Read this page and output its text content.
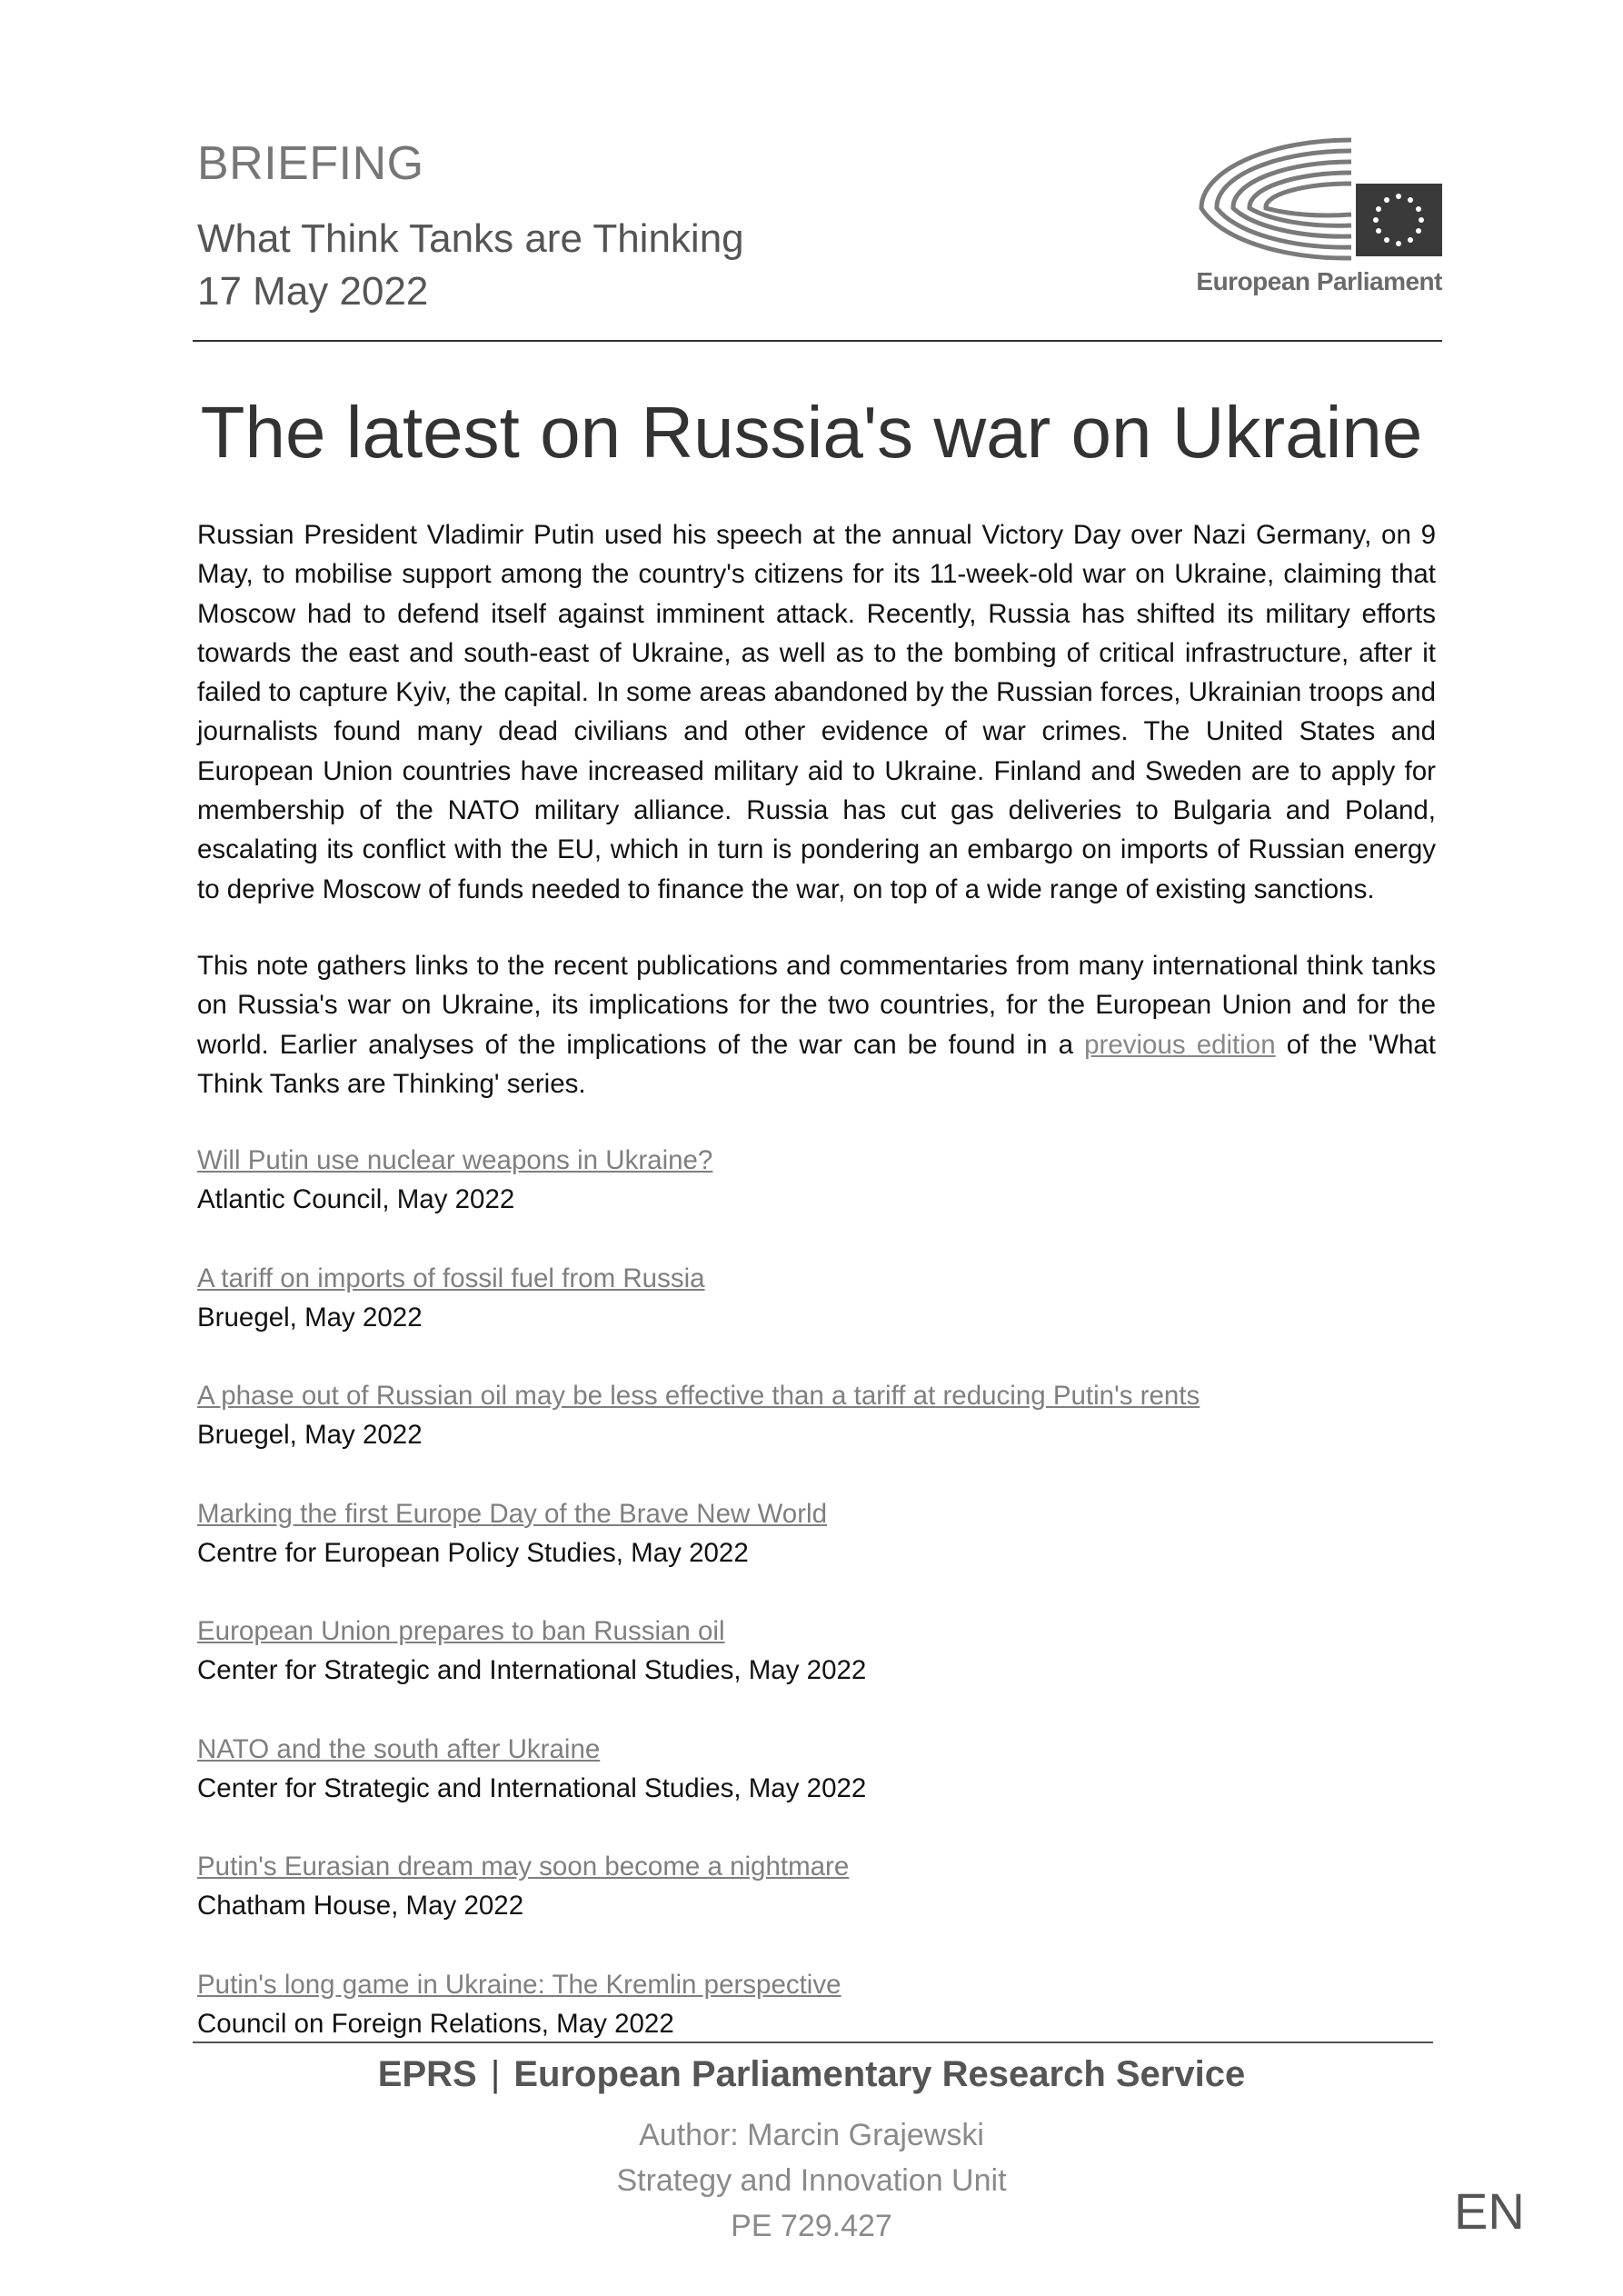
BRIEFING
What Think Tanks are Thinking
17 May 2022	European Parliament
The latest on Russia's war on Ukraine

Russian President Vladimir Putin used his speech at the annual Victory Day over Nazi Germany, on 9 May, to mobilise support among the country's citizens for its 11-week-old war on Ukraine, claiming that Moscow had to defend itself against imminent attack. Recently, Russia has shifted its military efforts towards the east and south-east of Ukraine, as well as to the bombing of critical infrastructure, after it failed to capture Kyiv, the capital. In some areas abandoned by the Russian forces, Ukrainian troops and journalists found many dead civilians and other evidence of war crimes. The United States and European Union countries have increased military aid to Ukraine. Finland and Sweden are to apply for membership of the NATO military alliance. Russia has cut gas deliveries to Bulgaria and Poland, escalating its conflict with the EU, which in turn is pondering an embargo on imports of Russian energy to deprive Moscow of funds needed to finance the war, on top of a wide range of existing sanctions.

This note gathers links to the recent publications and commentaries from many international think tanks on Russia's war on Ukraine, its implications for the two countries, for the European Union and for the world. Earlier analyses of the implications of the war can be found in a previous edition of the 'What Think Tanks are Thinking' series.

Will Putin use nuclear weapons in Ukraine?
Atlantic Council, May 2022
A tariff on imports of fossil fuel from Russia
Bruegel, May 2022
A phase out of Russian oil may be less effective than a tariff at reducing Putin's rents
Bruegel, May 2022
Marking the first Europe Day of the Brave New World
Centre for European Policy Studies, May 2022
European Union prepares to ban Russian oil
Center for Strategic and International Studies, May 2022
NATO and the south after Ukraine
Center for Strategic and International Studies, May 2022
Putin's Eurasian dream may soon become a nightmare
Chatham House, May 2022
Putin's long game in Ukraine: The Kremlin perspective
Council on Foreign Relations, May 2022
EPRS | European Parliamentary Research Service
Author: Marcin Grajewski
Strategy and Innovation Unit
PE 729.427	EN
